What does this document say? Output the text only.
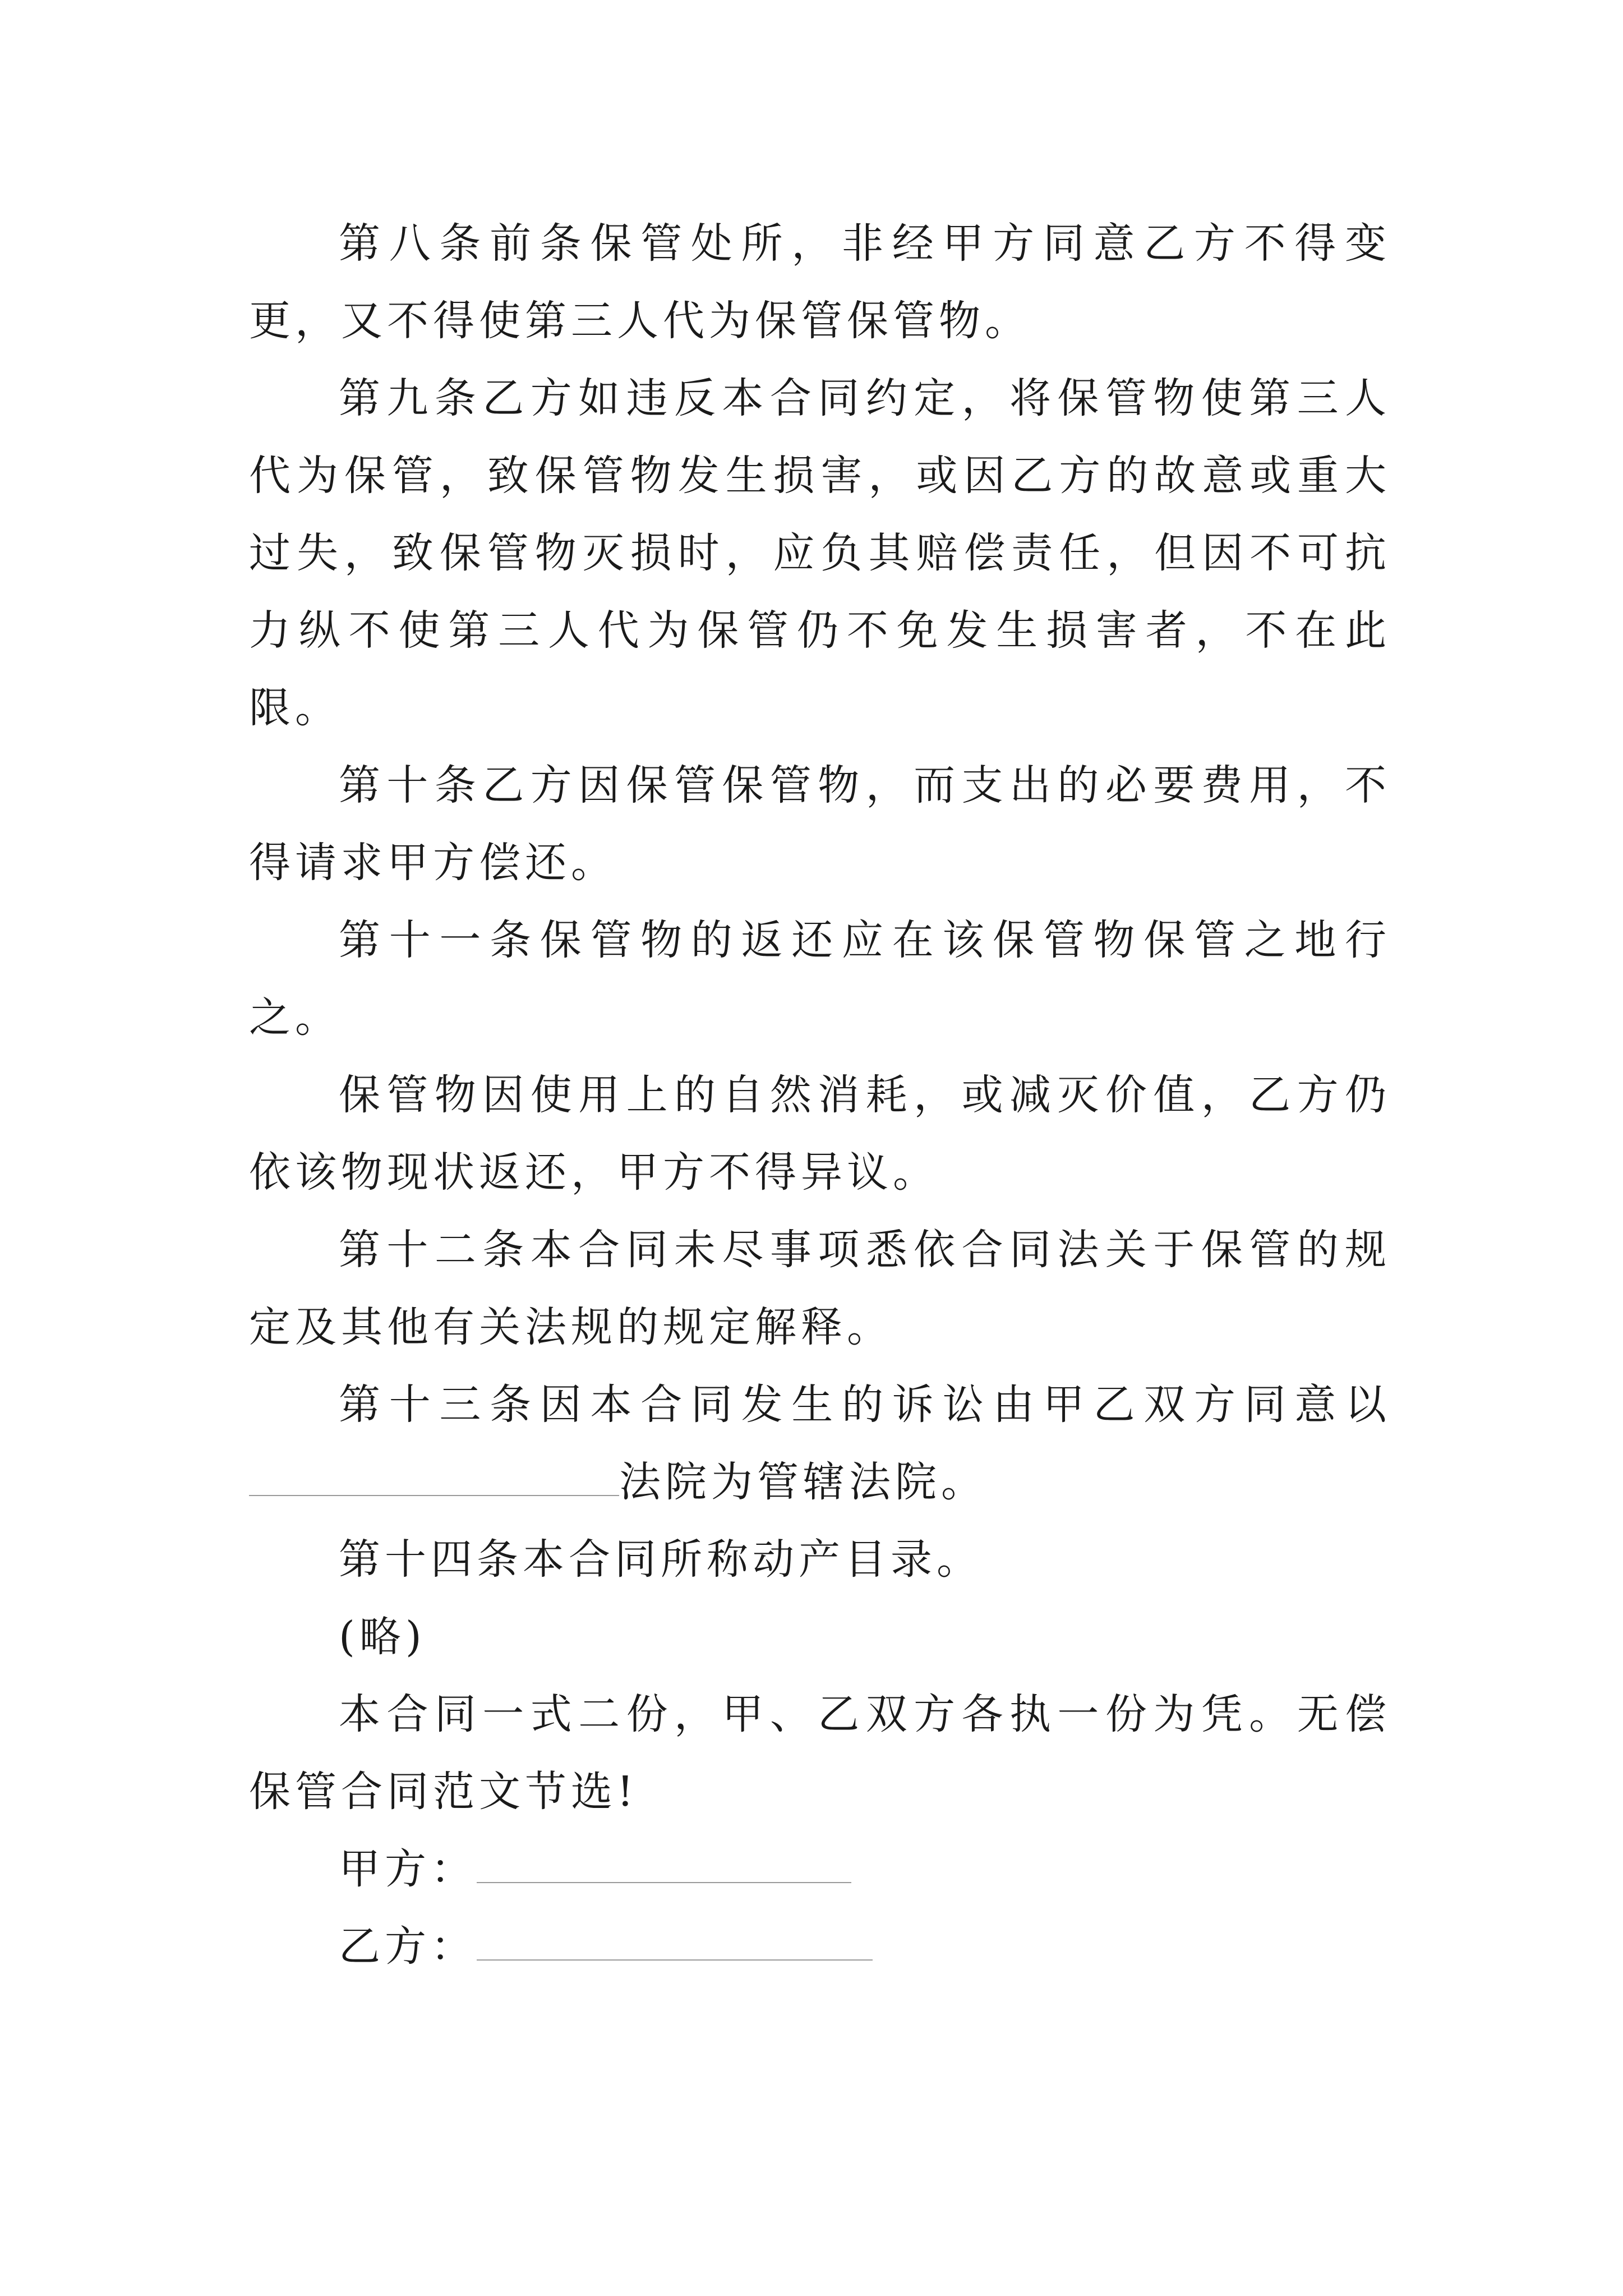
第八条前条保管处所，非经甲方同意乙方不得变更，又不得使第三人代为保管保管物。

第九条乙方如违反本合同约定，将保管物使第三人代为保管，致保管物发生损害，或因乙方的故意或重大过失，致保管物灭损时，应负其赔偿责任，但因不可抗力纵不使第三人代为保管仍不免发生损害者，不在此限。

第十条乙方因保管保管物，而支出的必要费用，不得请求甲方偿还。

第十一条保管物的返还应在该保管物保管之地行之。

保管物因使用上的自然消耗，或减灭价值，乙方仍依该物现状返还，甲方不得异议。

第十二条本合同未尽事项悉依合同法关于保管的规定及其他有关法规的规定解释。

第十三条因本合同发生的诉讼由甲乙双方同意以

法院为管辖法院。

第十四条本合同所称动产目录。

(略)

本合同一式二份，甲、乙双方各执一份为凭。无偿保管合同范文节选!

甲方：

乙方：
